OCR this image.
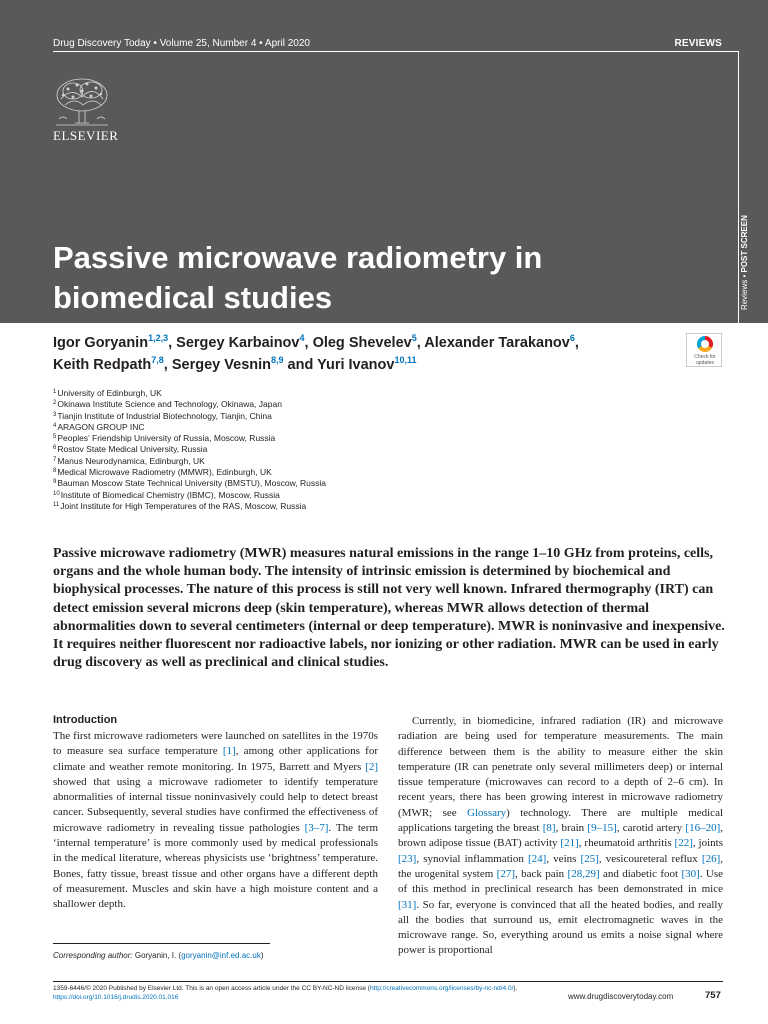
Drug Discovery Today • Volume 25, Number 4 • April 2020	REVIEWS
Reviews • POST SCREEN
ELSEVIER
Passive microwave radiometry in
biomedical studies
Igor Goryanin$^{1,2,3}$, Sergey Karbainov$^4$, Oleg Shevelev$^5$, Alexander Tarakanov$^6$,
Keith Redpath$^{7,8}$, Sergey Vesnin$^{8,9}$ and Yuri Ivanov$^{10,11}$	Check for updates
$^1$University of Edinburgh, UK
$^2$Okinawa Institute Science and Technology, Okinawa, Japan
$^3$Tianjin Institute of Industrial Biotechnology, Tianjin, China
$^4$ARAGON GROUP INC
$^5$Peoples’ Friendship University of Russia, Moscow, Russia
$^6$Rostov State Medical University, Russia
$^7$Manus Neurodynamica, Edinburgh, UK
$^8$Medical Microwave Radiometry (MMWR), Edinburgh, UK
$^9$Bauman Moscow State Technical University (BMSTU), Moscow, Russia
$^{10}$Institute of Biomedical Chemistry (IBMC), Moscow, Russia
$^{11}$Joint Institute for High Temperatures of the RAS, Moscow, Russia

Passive microwave radiometry (MWR) measures natural emissions in the range 1–10 GHz from proteins, cells, organs and the whole human body. The intensity of intrinsic emission is determined by biochemical and biophysical processes. The nature of this process is still not very well known. Infrared thermography (IRT) can detect emission several microns deep (skin temperature), whereas MWR allows detection of thermal abnormalities down to several centimeters (internal or deep temperature). MWR is noninvasive and inexpensive. It requires neither fluorescent nor radioactive labels, nor ionizing or other radiation. MWR can be used in early drug discovery as well as preclinical and clinical studies.

Introduction

The first microwave radiometers were launched on satellites in the 1970s to measure sea surface temperature [1], among other applications for climate and weather remote monitoring. In 1975, Barrett and Myers [2] showed that using a microwave radiometer to identify temperature abnormalities of internal tissue noninvasively could help to detect breast cancer. Subsequently, several studies have confirmed the effectiveness of microwave radiometry in revealing tissue pathologies [3–7]. The term ‘internal temperature’ is more commonly used by medical professionals in the medical literature, whereas physicists use ‘brightness’ temperature. Bones, fatty tissue, breast tissue and other organs have a different depth of measurement. Muscles and skin have a high moisture content and a shallower depth.

Currently, in biomedicine, infrared radiation (IR) and microwave radiation are being used for temperature measurements. The main difference between them is the ability to measure either the skin temperature (IR can penetrate only several millimeters deep) or internal tissue temperature (microwaves can record to a depth of 2–6 cm). In recent years, there has been growing interest in microwave radiometry (MWR; see Glossary) technology. There are multiple medical applications targeting the breast [8], brain [9–15], carotid artery [16–20], brown adipose tissue (BAT) activity [21], rheumatoid arthritis [22], joints [23], synovial inflammation [24], veins [25], vesicoureteral reflux [26], the urogenital system [27], back pain [28,29] and diabetic foot [30]. Use of this method in preclinical research has been demonstrated in mice [31]. So far, everyone is convinced that all the heated bodies, and really all the bodies that surround us, emit electromagnetic waves in the microwave range. So, everything around us emits a noise signal where power is proportional

Corresponding author: Goryanin, I. (goryanin@inf.ed.ac.uk)
1359-6446/© 2020 Published by Elsevier Ltd. This is an open access article under the CC BY-NC-ND license (http://creativecommons.org/licenses/by-nc-nd/4.0/).
https://doi.org/10.1016/j.drudis.2020.01.016	www.drugdiscoverytoday.com	757
